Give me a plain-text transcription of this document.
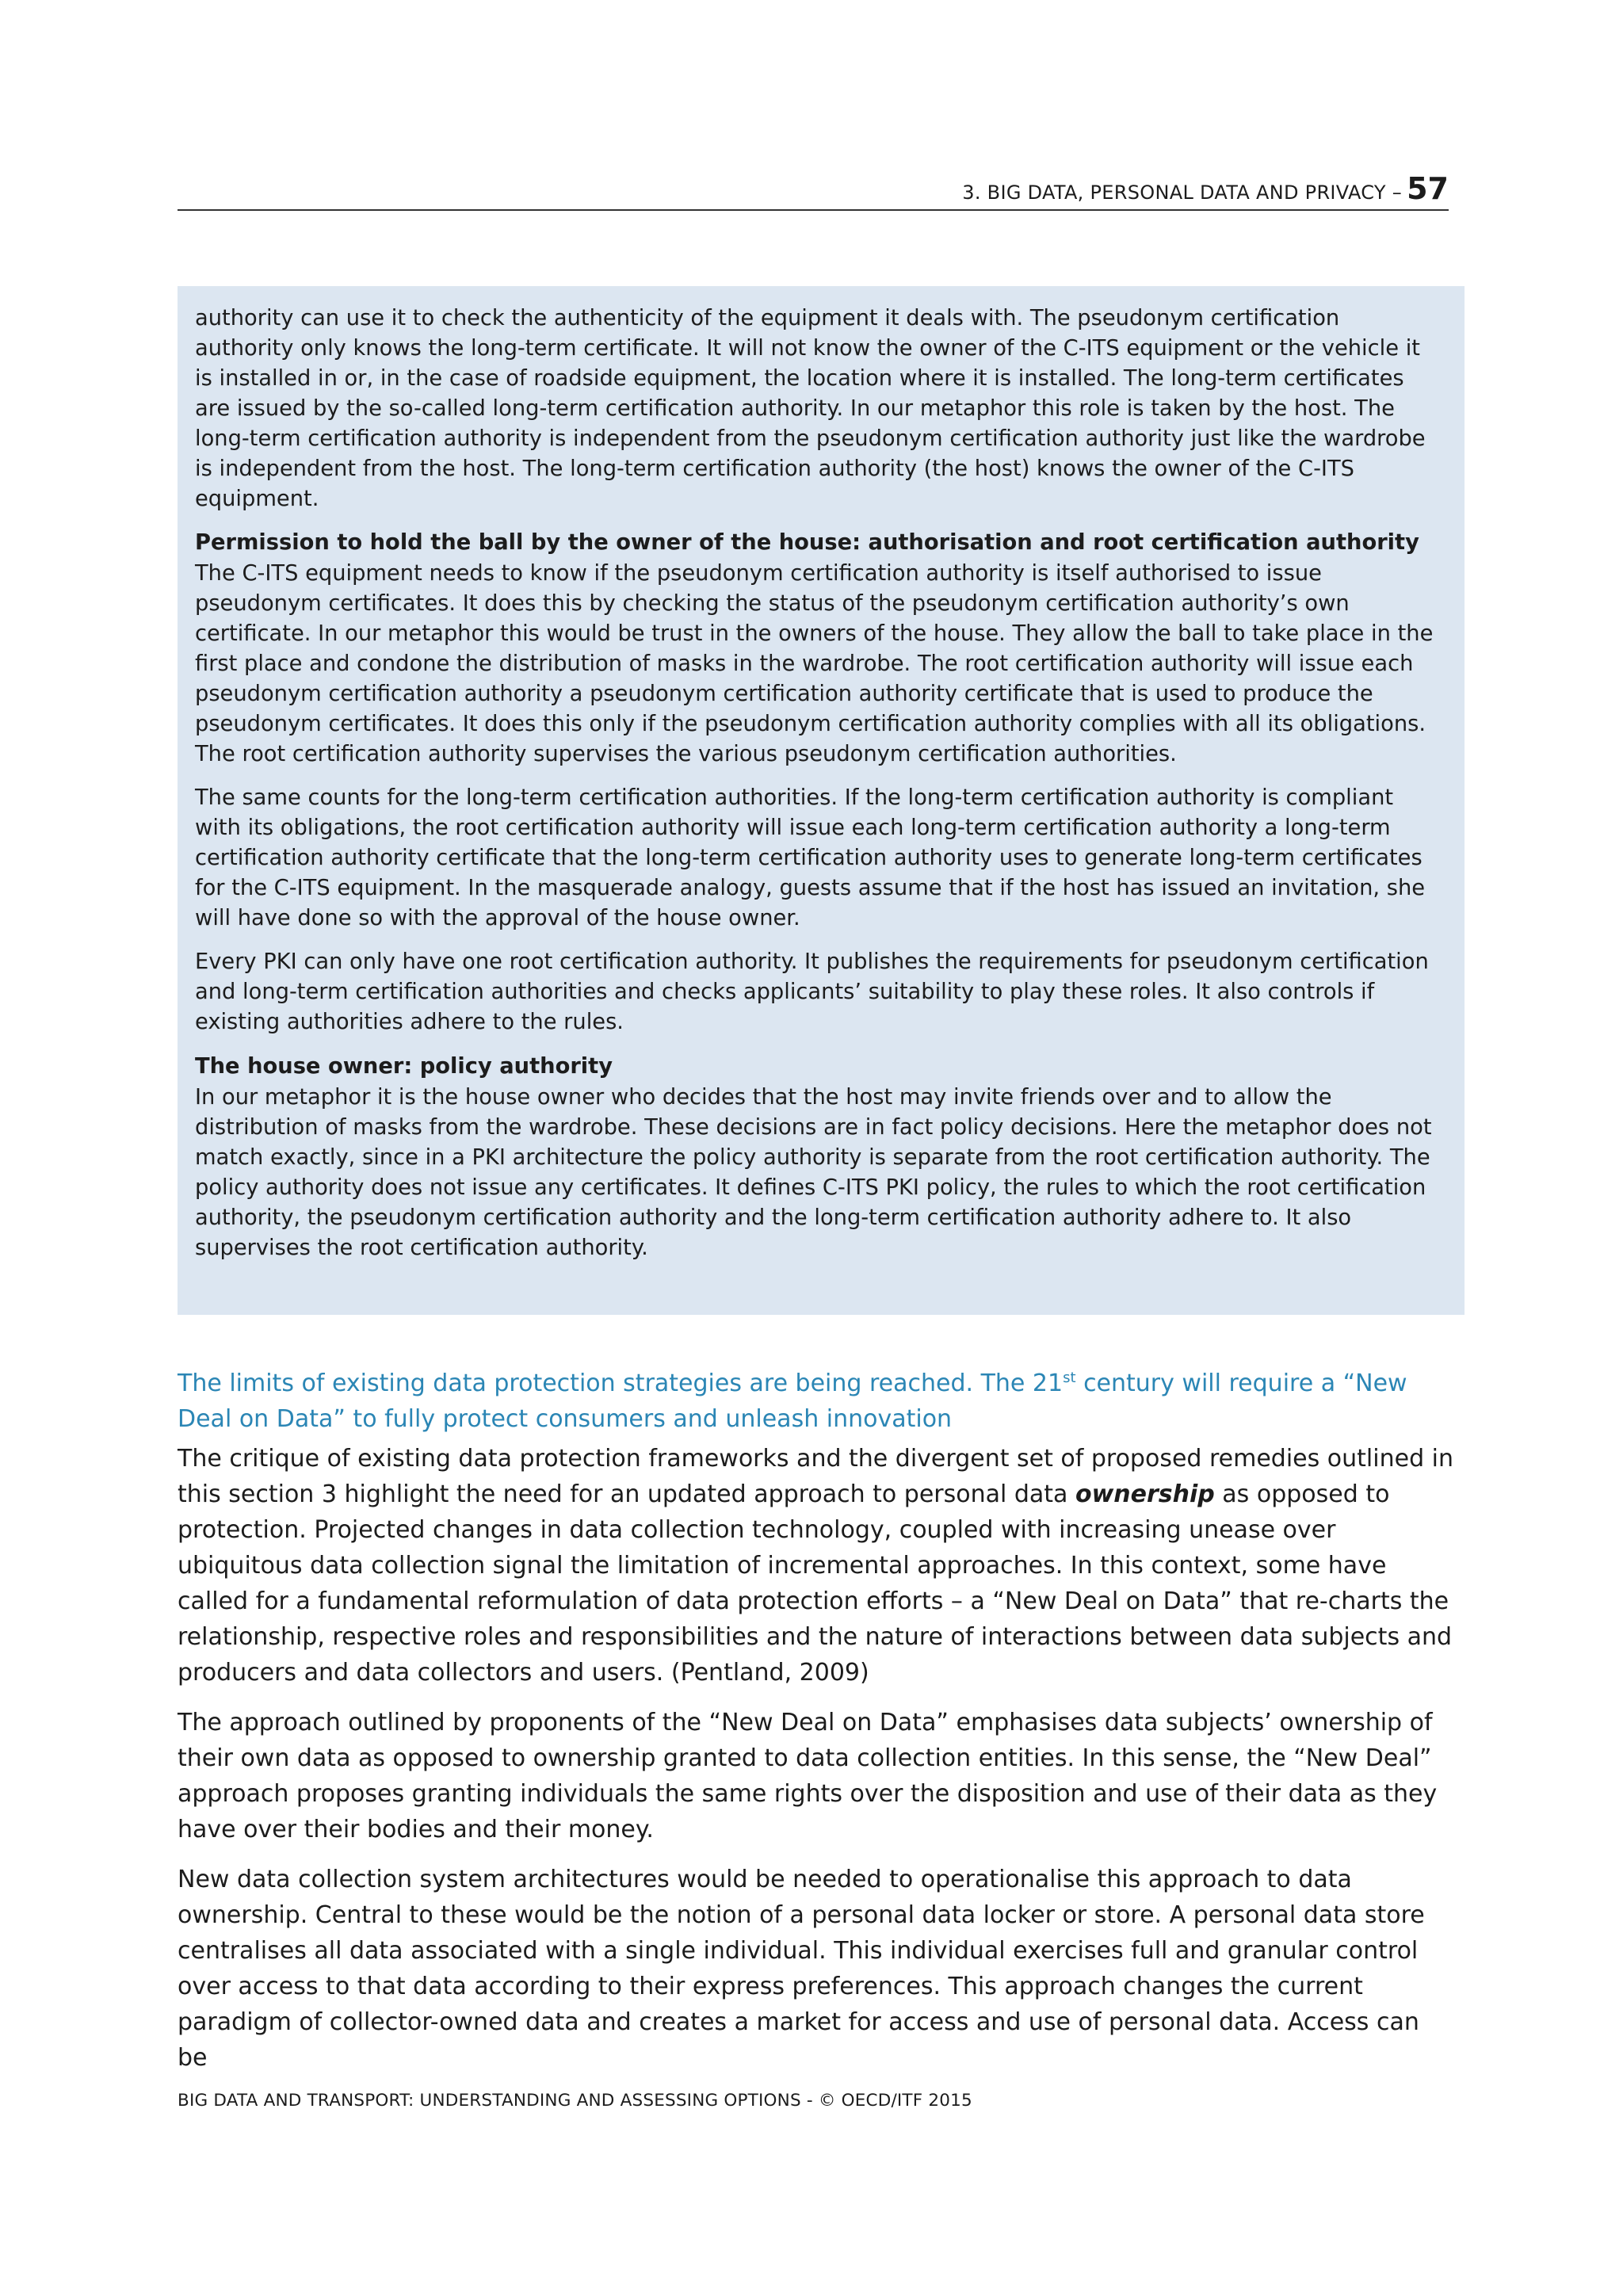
3. BIG DATA, PERSONAL DATA AND PRIVACY – 57

authority can use it to check the authenticity of the equipment it deals with. The pseudonym certification authority only knows the long-term certificate. It will not know the owner of the C-ITS equipment or the vehicle it is installed in or, in the case of roadside equipment, the location where it is installed. The long-term certificates are issued by the so-called long-term certification authority. In our metaphor this role is taken by the host. The long-term certification authority is independent from the pseudonym certification authority just like the wardrobe is independent from the host. The long-term certification authority (the host) knows the owner of the C-ITS equipment.

Permission to hold the ball by the owner of the house: authorisation and root certification authority

The C-ITS equipment needs to know if the pseudonym certification authority is itself authorised to issue pseudonym certificates. It does this by checking the status of the pseudonym certification authority’s own certificate. In our metaphor this would be trust in the owners of the house. They allow the ball to take place in the first place and condone the distribution of masks in the wardrobe. The root certification authority will issue each pseudonym certification authority a pseudonym certification authority certificate that is used to produce the pseudonym certificates. It does this only if the pseudonym certification authority complies with all its obligations. The root certification authority supervises the various pseudonym certification authorities.

The same counts for the long-term certification authorities. If the long-term certification authority is compliant with its obligations, the root certification authority will issue each long-term certification authority a long-term certification authority certificate that the long-term certification authority uses to generate long-term certificates for the C-ITS equipment. In the masquerade analogy, guests assume that if the host has issued an invitation, she will have done so with the approval of the house owner.

Every PKI can only have one root certification authority. It publishes the requirements for pseudonym certification and long-term certification authorities and checks applicants’ suitability to play these roles. It also controls if existing authorities adhere to the rules.

The house owner: policy authority

In our metaphor it is the house owner who decides that the host may invite friends over and to allow the distribution of masks from the wardrobe. These decisions are in fact policy decisions. Here the metaphor does not match exactly, since in a PKI architecture the policy authority is separate from the root certification authority. The policy authority does not issue any certificates. It defines C-ITS PKI policy, the rules to which the root certification authority, the pseudonym certification authority and the long-term certification authority adhere to. It also supervises the root certification authority.

The limits of existing data protection strategies are being reached. The 21st century will require a “New Deal on Data” to fully protect consumers and unleash innovation

The critique of existing data protection frameworks and the divergent set of proposed remedies outlined in this section 3 highlight the need for an updated approach to personal data ownership as opposed to protection. Projected changes in data collection technology, coupled with increasing unease over ubiquitous data collection signal the limitation of incremental approaches. In this context, some have called for a fundamental reformulation of data protection efforts – a “New Deal on Data” that re-charts the relationship, respective roles and responsibilities and the nature of interactions between data subjects and producers and data collectors and users. (Pentland, 2009)

The approach outlined by proponents of the “New Deal on Data” emphasises data subjects’ ownership of their own data as opposed to ownership granted to data collection entities. In this sense, the “New Deal” approach proposes granting individuals the same rights over the disposition and use of their data as they have over their bodies and their money.

New data collection system architectures would be needed to operationalise this approach to data ownership. Central to these would be the notion of a personal data locker or store. A personal data store centralises all data associated with a single individual. This individual exercises full and granular control over access to that data according to their express preferences. This approach changes the current paradigm of collector-owned data and creates a market for access and use of personal data. Access can be

BIG DATA AND TRANSPORT: UNDERSTANDING AND ASSESSING OPTIONS - © OECD/ITF 2015
